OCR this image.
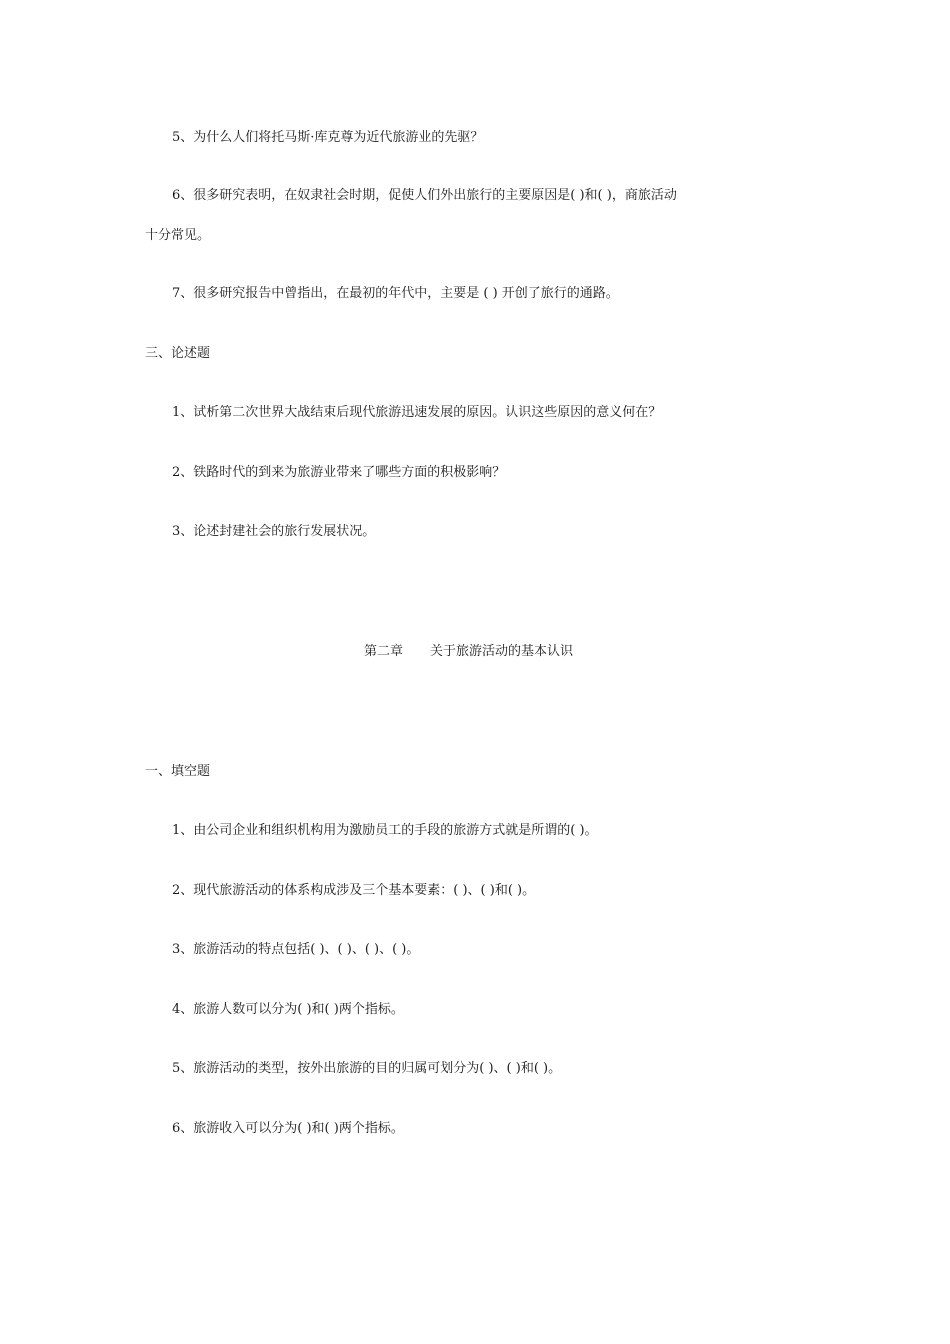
5、为什么人们将托马斯·库克尊为近代旅游业的先驱？
6、很多研究表明，在奴隶社会时期，促使人们外出旅行的主要原因是( )和( )，商旅活动
十分常见。
7、很多研究报告中曾指出，在最初的年代中，主要是 ( ) 开创了旅行的通路。
三、论述题
1、试析第二次世界大战结束后现代旅游迅速发展的原因。认识这些原因的意义何在？
2、铁路时代的到来为旅游业带来了哪些方面的积极影响？
3、论述封建社会的旅行发展状况。
第二章 关于旅游活动的基本认识
一、填空题
1、由公司企业和组织机构用为激励员工的手段的旅游方式就是所谓的( )。
2、现代旅游活动的体系构成涉及三个基本要素：( )、( )和( )。
3、旅游活动的特点包括( )、( )、( )、( )。
4、旅游人数可以分为( )和( )两个指标。
5、旅游活动的类型，按外出旅游的目的归属可划分为( )、( )和( )。
6、旅游收入可以分为( )和( )两个指标。
